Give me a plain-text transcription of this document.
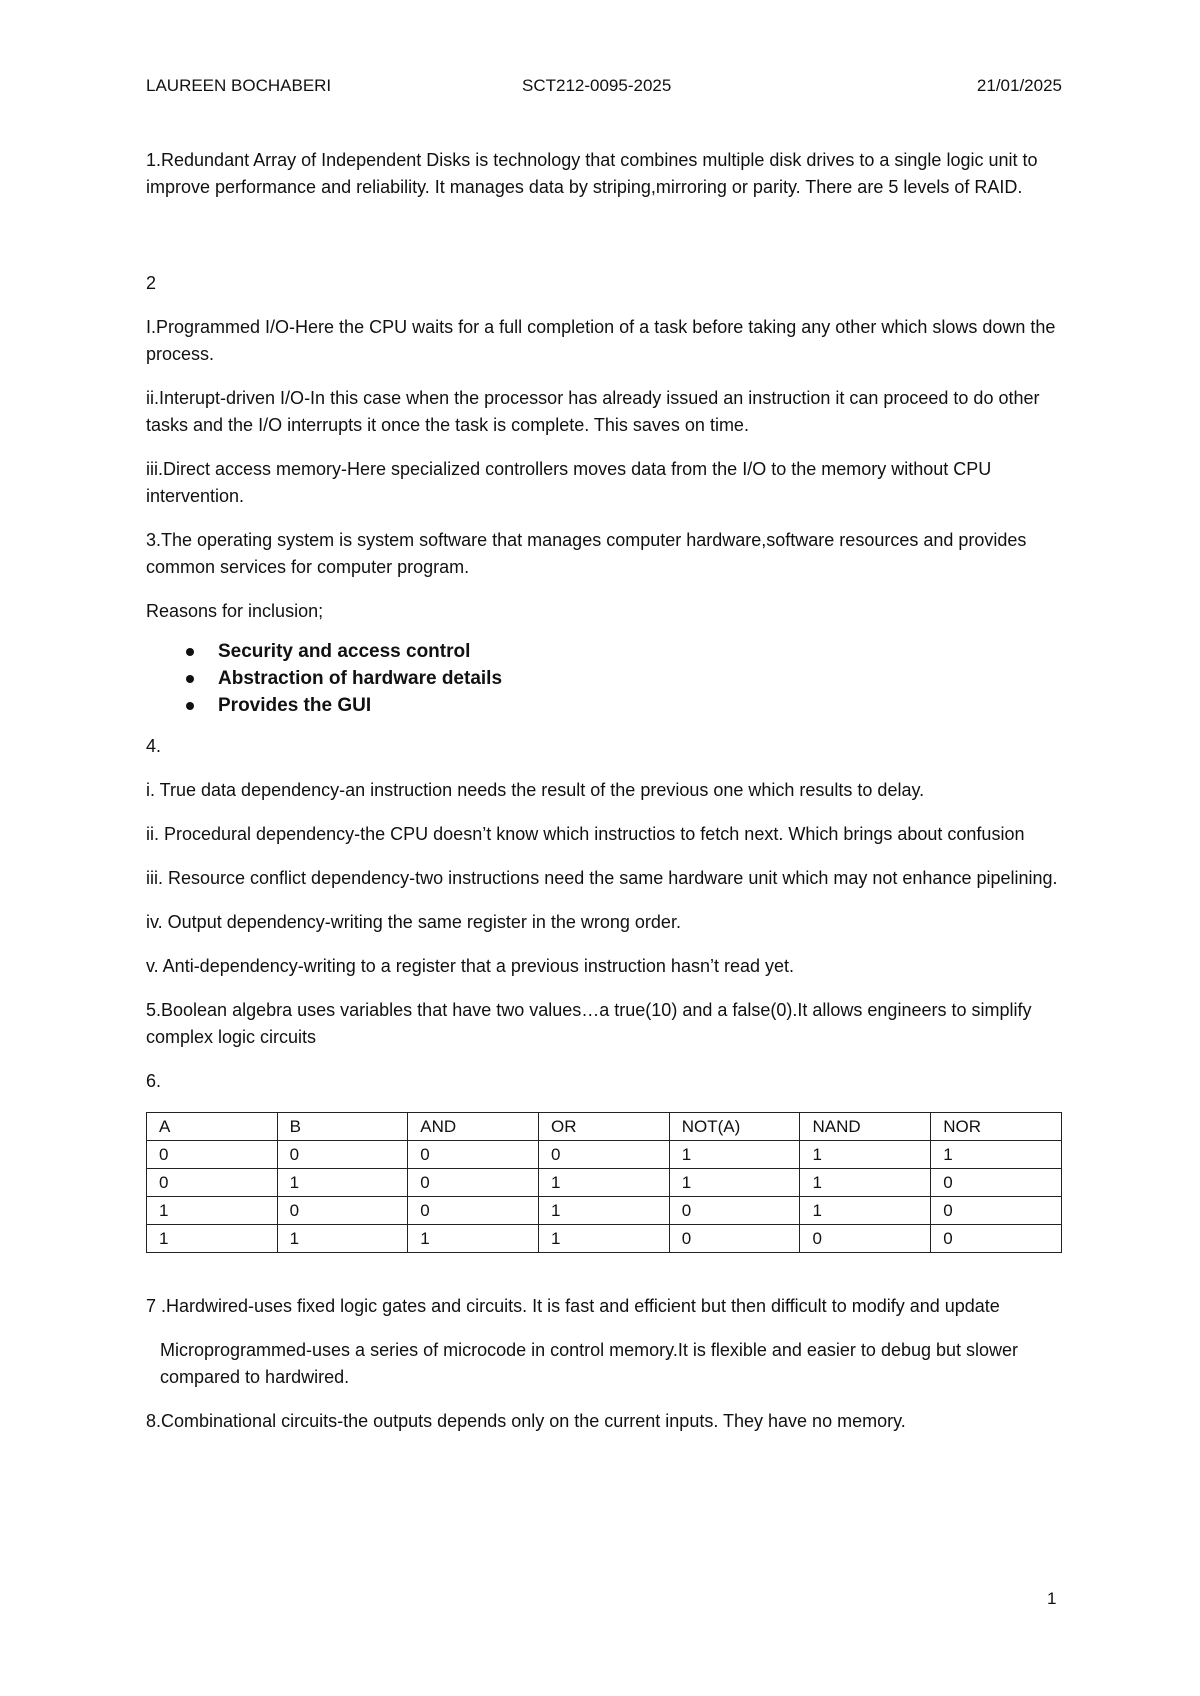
LAUREEN BOCHABERI	SCT212-0095-2025	21/01/2025

1.Redundant Array of Independent Disks is technology that combines multiple disk drives to a single logic unit to improve performance and reliability. It manages data by striping,mirroring or parity. There are 5 levels of RAID.

2

I.Programmed I/O-Here the CPU waits for a full completion of a task before taking any other which slows down the process.

ii.Interupt-driven I/O-In this case when the processor has already issued an instruction it can proceed to do other tasks and the I/O interrupts it once the task is complete. This saves on time.

iii.Direct access memory-Here specialized controllers moves data from the I/O to the memory without CPU intervention.

3.The operating system is system software that manages computer hardware,software resources and provides common services for computer program.

Reasons for inclusion;

Security and access control
Abstraction of hardware details
Provides the GUI

4.

i. True data dependency-an instruction needs the result of the previous one which results to delay.

ii. Procedural dependency-the CPU doesn’t know which instructios to fetch next. Which brings about confusion

iii. Resource conflict dependency-two instructions need the same hardware unit which may not enhance pipelining.

iv. Output dependency-writing the same register in the wrong order.

v. Anti-dependency-writing to a register that a previous instruction hasn’t read yet.

5.Boolean algebra uses variables that have two values…a true(10) and a false(0).It allows engineers to simplify complex logic circuits

6.

A	B	AND	OR	NOT(A)	NAND	NOR
0	0	0	0	1	1	1
0	1	0	1	1	1	0
1	0	0	1	0	1	0
1	1	1	1	0	0	0

7 .Hardwired-uses fixed logic gates and circuits. It is fast and efficient but then difficult to modify and update

Microprogrammed-uses a series of microcode in control memory.It is flexible and easier to debug but slower compared to hardwired.

8.Combinational circuits-the outputs depends only on the current inputs. They have no memory.

1
